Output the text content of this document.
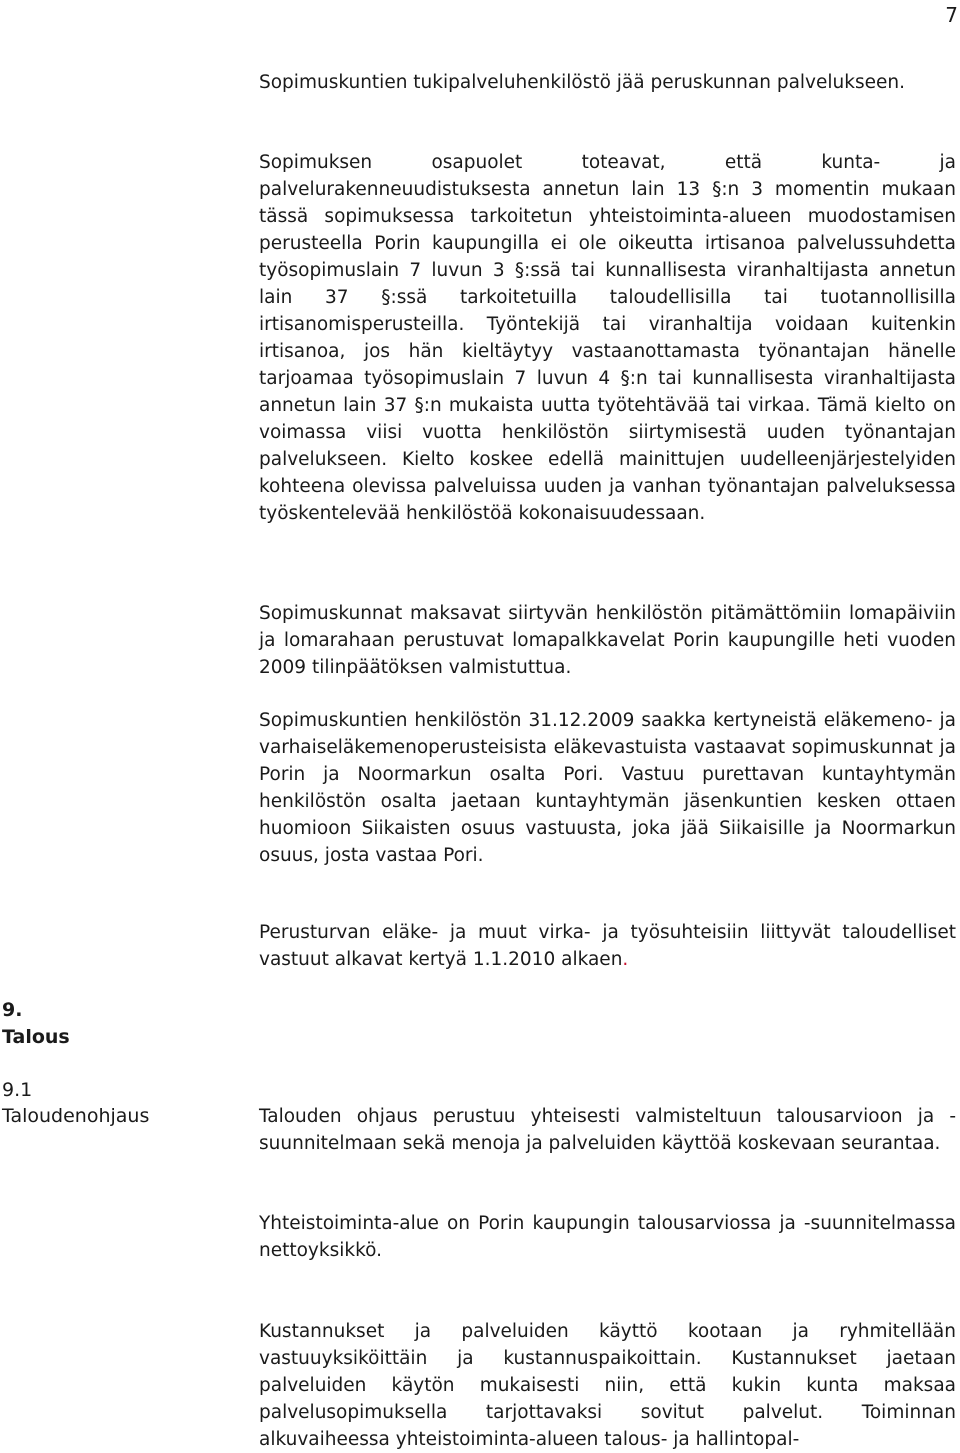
7

Sopimuskuntien tukipalveluhenkilöstö jää peruskunnan palvelukseen.

Sopimuksen osapuolet toteavat, että kunta- ja palvelurakenneuudistuksesta annetun lain 13 §:n 3 momentin mukaan tässä sopimuksessa tarkoitetun yhteistoiminta-alueen muodostamisen perusteella Porin kaupungilla ei ole oikeutta irtisanoa palvelussuhdetta työsopimuslain 7 luvun 3 §:ssä tai kunnallisesta viranhaltijasta annetun lain 37 §:ssä tarkoitetuilla taloudellisilla tai tuotannollisilla irtisanomisperusteilla. Työntekijä tai viranhaltija voidaan kuitenkin irtisanoa, jos hän kieltäytyy vastaanottamasta työnantajan hänelle tarjoamaa työsopimuslain 7 luvun 4 §:n tai kunnallisesta viranhaltijasta annetun lain 37 §:n mukaista uutta työtehtävää tai virkaa. Tämä kielto on voimassa viisi vuotta henkilöstön siirtymisestä uuden työnantajan palvelukseen. Kielto koskee edellä mainittujen uudelleenjärjestelyiden kohteena olevissa palveluissa uuden ja vanhan työnantajan palveluksessa työskentelevää henkilöstöä kokonaisuudessaan.

Sopimuskunnat maksavat siirtyvän henkilöstön pitämättömiin lomapäiviin ja lomarahaan perustuvat lomapalkkavelat Porin kaupungille heti vuoden 2009 tilinpäätöksen valmistuttua.

Sopimuskuntien henkilöstön 31.12.2009 saakka kertyneistä eläkemeno- ja varhaiseläkemenoperusteisista eläkevastuista vastaavat sopimuskunnat ja Porin ja Noormarkun osalta Pori. Vastuu purettavan kuntayhtymän henkilöstön osalta jaetaan kuntayhtymän jäsenkuntien kesken ottaen huomioon Siikaisten osuus vastuusta, joka jää Siikaisille ja Noormarkun osuus, josta vastaa Pori.

Perusturvan eläke- ja muut virka- ja työsuhteisiin liittyvät taloudelliset vastuut alkavat kertyä 1.1.2010 alkaen.

9.
Talous
9.1
Taloudenohjaus	Talouden ohjaus perustuu yhteisesti valmisteltuun talousarvioon ja -suunnitelmaan sekä menoja ja palveluiden käyttöä koskevaan seurantaa.

Yhteistoiminta-alue on Porin kaupungin talousarviossa ja -suunnitelmassa nettoyksikkö.

Kustannukset ja palveluiden käyttö kootaan ja ryhmitellään vastuuyksiköittäin ja kustannuspaikoittain. Kustannukset jaetaan palveluiden käytön mukaisesti niin, että kukin kunta maksaa palvelusopimuksella tarjottavaksi sovitut palvelut. Toiminnan alkuvaiheessa yhteistoiminta-alueen talous- ja hallintopal-
